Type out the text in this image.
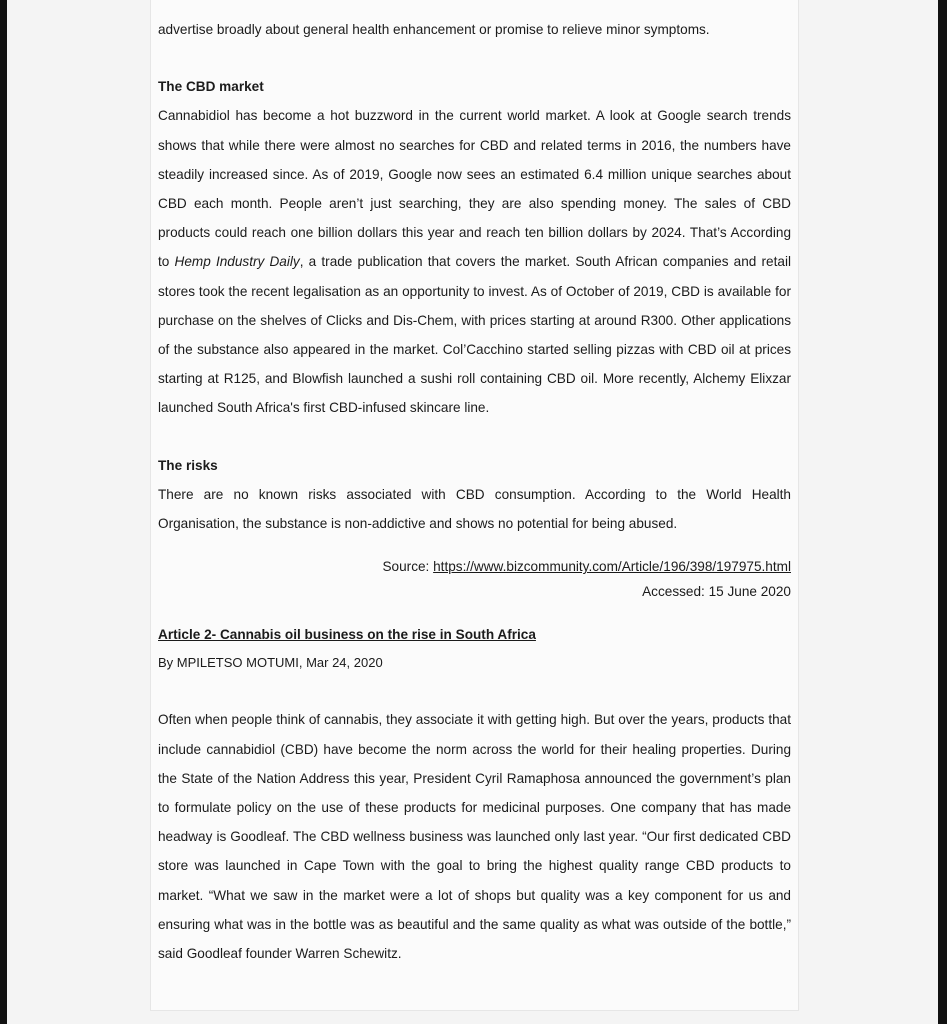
advertise broadly about general health enhancement or promise to relieve minor symptoms.

The CBD market

Cannabidiol has become a hot buzzword in the current world market. A look at Google search trends shows that while there were almost no searches for CBD and related terms in 2016, the numbers have steadily increased since. As of 2019, Google now sees an estimated 6.4 million unique searches about CBD each month. People aren’t just searching, they are also spending money. The sales of CBD products could reach one billion dollars this year and reach ten billion dollars by 2024. That’s According to Hemp Industry Daily, a trade publication that covers the market. South African companies and retail stores took the recent legalisation as an opportunity to invest. As of October of 2019, CBD is available for purchase on the shelves of Clicks and Dis-Chem, with prices starting at around R300. Other applications of the substance also appeared in the market. Col’Cacchino started selling pizzas with CBD oil at prices starting at R125, and Blowfish launched a sushi roll containing CBD oil. More recently, Alchemy Elixzar launched South Africa's first CBD-infused skincare line.

The risks

There are no known risks associated with CBD consumption. According to the World Health Organisation, the substance is non-addictive and shows no potential for being abused.

Source: https://www.bizcommunity.com/Article/196/398/197975.html
Accessed: 15 June 2020
Article 2- Cannabis oil business on the rise in South Africa
By MPILETSO MOTUMI, Mar 24, 2020

Often when people think of cannabis, they associate it with getting high. But over the years, products that include cannabidiol (CBD) have become the norm across the world for their healing properties. During the State of the Nation Address this year, President Cyril Ramaphosa announced the government’s plan to formulate policy on the use of these products for medicinal purposes. One company that has made headway is Goodleaf. The CBD wellness business was launched only last year. “Our first dedicated CBD store was launched in Cape Town with the goal to bring the highest quality range CBD products to market. “What we saw in the market were a lot of shops but quality was a key component for us and ensuring what was in the bottle was as beautiful and the same quality as what was outside of the bottle,” said Goodleaf founder Warren Schewitz.
